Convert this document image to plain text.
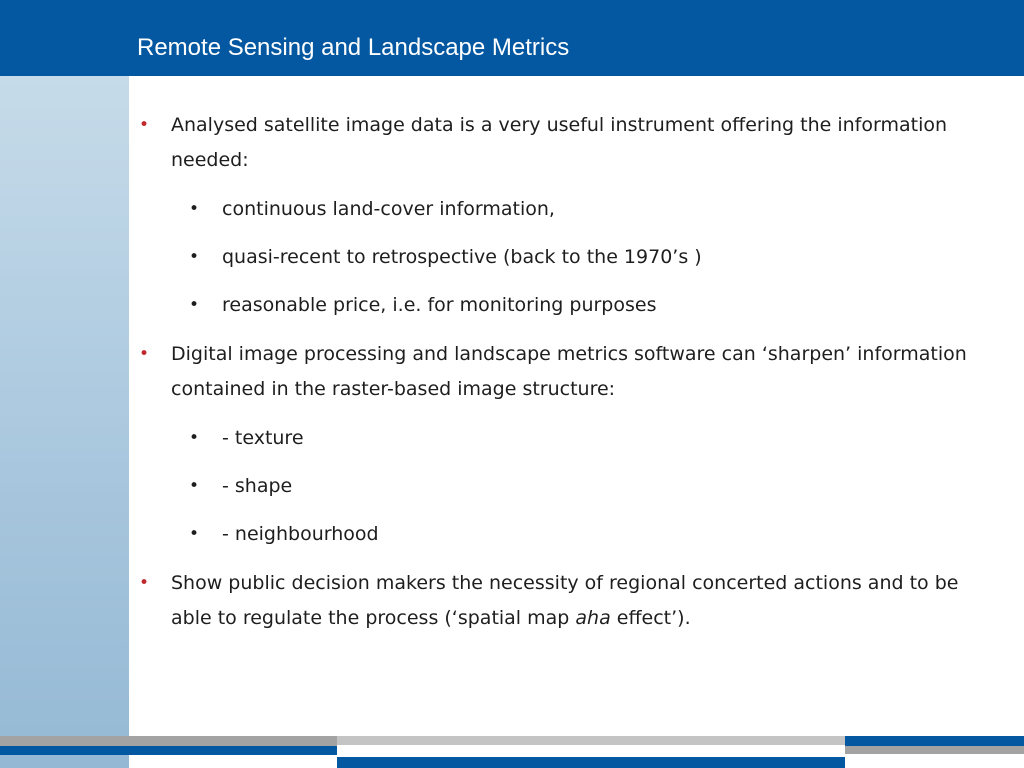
Remote Sensing and Landscape Metrics
• Analysed satellite image data is a very useful instrument offering the information needed:
• continuous land-cover information,
• quasi-recent to retrospective (back to the 1970’s )
• reasonable price, i.e. for monitoring purposes
• Digital image processing and landscape metrics software can ‘sharpen’ information contained in the raster-based image structure:
• - texture
• - shape
• - neighbourhood
• Show public decision makers the necessity of regional concerted actions and to be able to regulate the process (‘spatial map aha effect’).
